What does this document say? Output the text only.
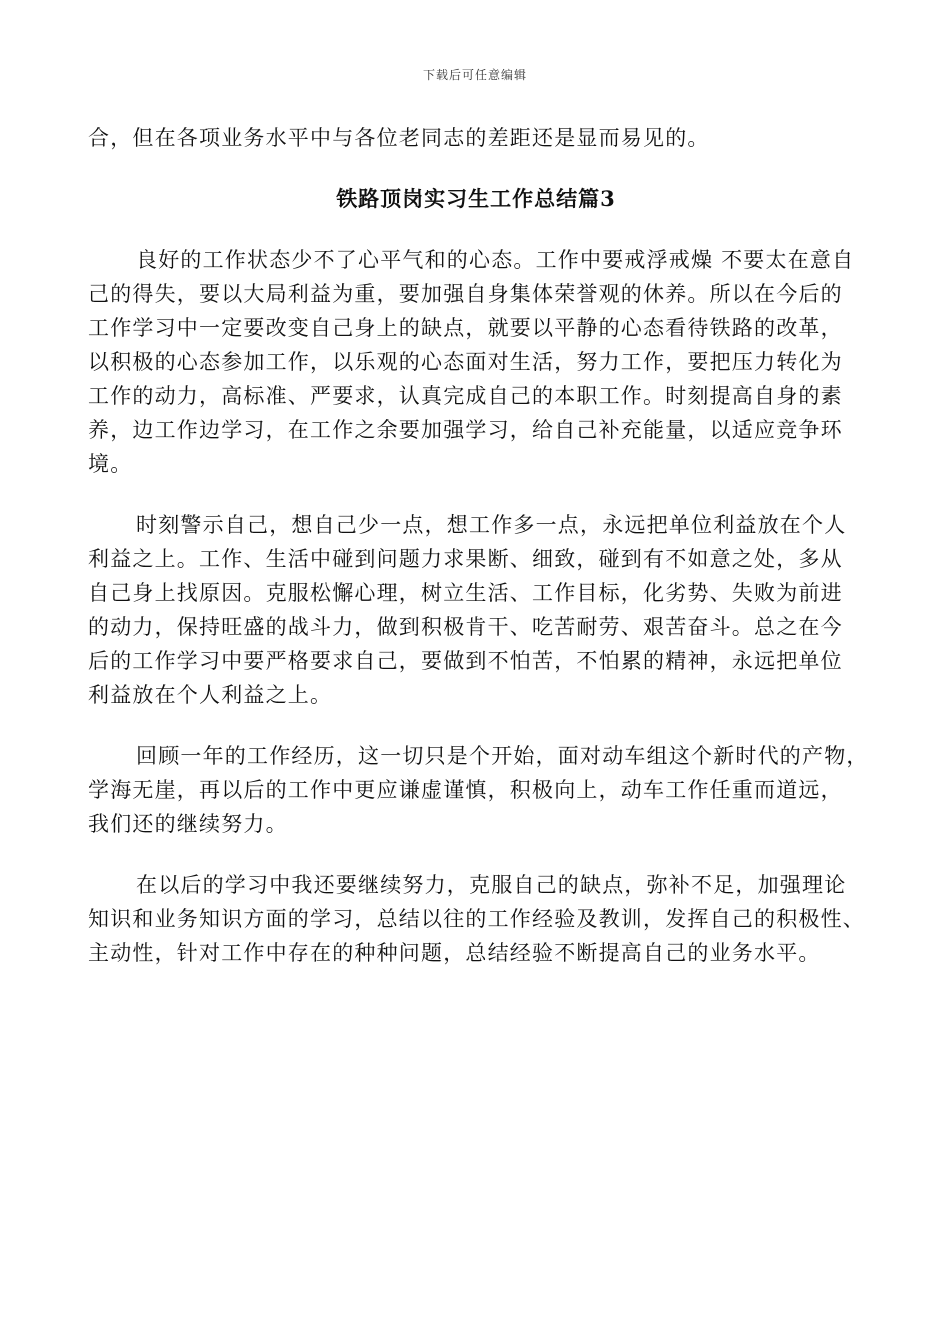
下载后可任意编辑
合，但在各项业务水平中与各位老同志的差距还是显而易见的。
铁路顶岗实习生工作总结篇3
良好的工作状态少不了心平气和的心态。工作中要戒浮戒燥 不要太在意自
己的得失，要以大局利益为重，要加强自身集体荣誉观的休养。所以在今后的
工作学习中一定要改变自己身上的缺点，就要以平静的心态看待铁路的改革，
以积极的心态参加工作，以乐观的心态面对生活，努力工作，要把压力转化为
工作的动力，高标准、严要求，认真完成自己的本职工作。时刻提高自身的素
养，边工作边学习，在工作之余要加强学习，给自己补充能量，以适应竞争环
境。
时刻警示自己，想自己少一点，想工作多一点，永远把单位利益放在个人
利益之上。工作、生活中碰到问题力求果断、细致，碰到有不如意之处，多从
自己身上找原因。克服松懈心理，树立生活、工作目标，化劣势、失败为前进
的动力，保持旺盛的战斗力，做到积极肯干、吃苦耐劳、艰苦奋斗。总之在今
后的工作学习中要严格要求自己，要做到不怕苦，不怕累的精神，永远把单位
利益放在个人利益之上。
回顾一年的工作经历，这一切只是个开始，面对动车组这个新时代的产物，
学海无崖，再以后的工作中更应谦虚谨慎，积极向上，动车工作任重而道远，
我们还的继续努力。
在以后的学习中我还要继续努力，克服自己的缺点，弥补不足，加强理论
知识和业务知识方面的学习，总结以往的工作经验及教训，发挥自己的积极性、
主动性，针对工作中存在的种种问题，总结经验不断提高自己的业务水平。
